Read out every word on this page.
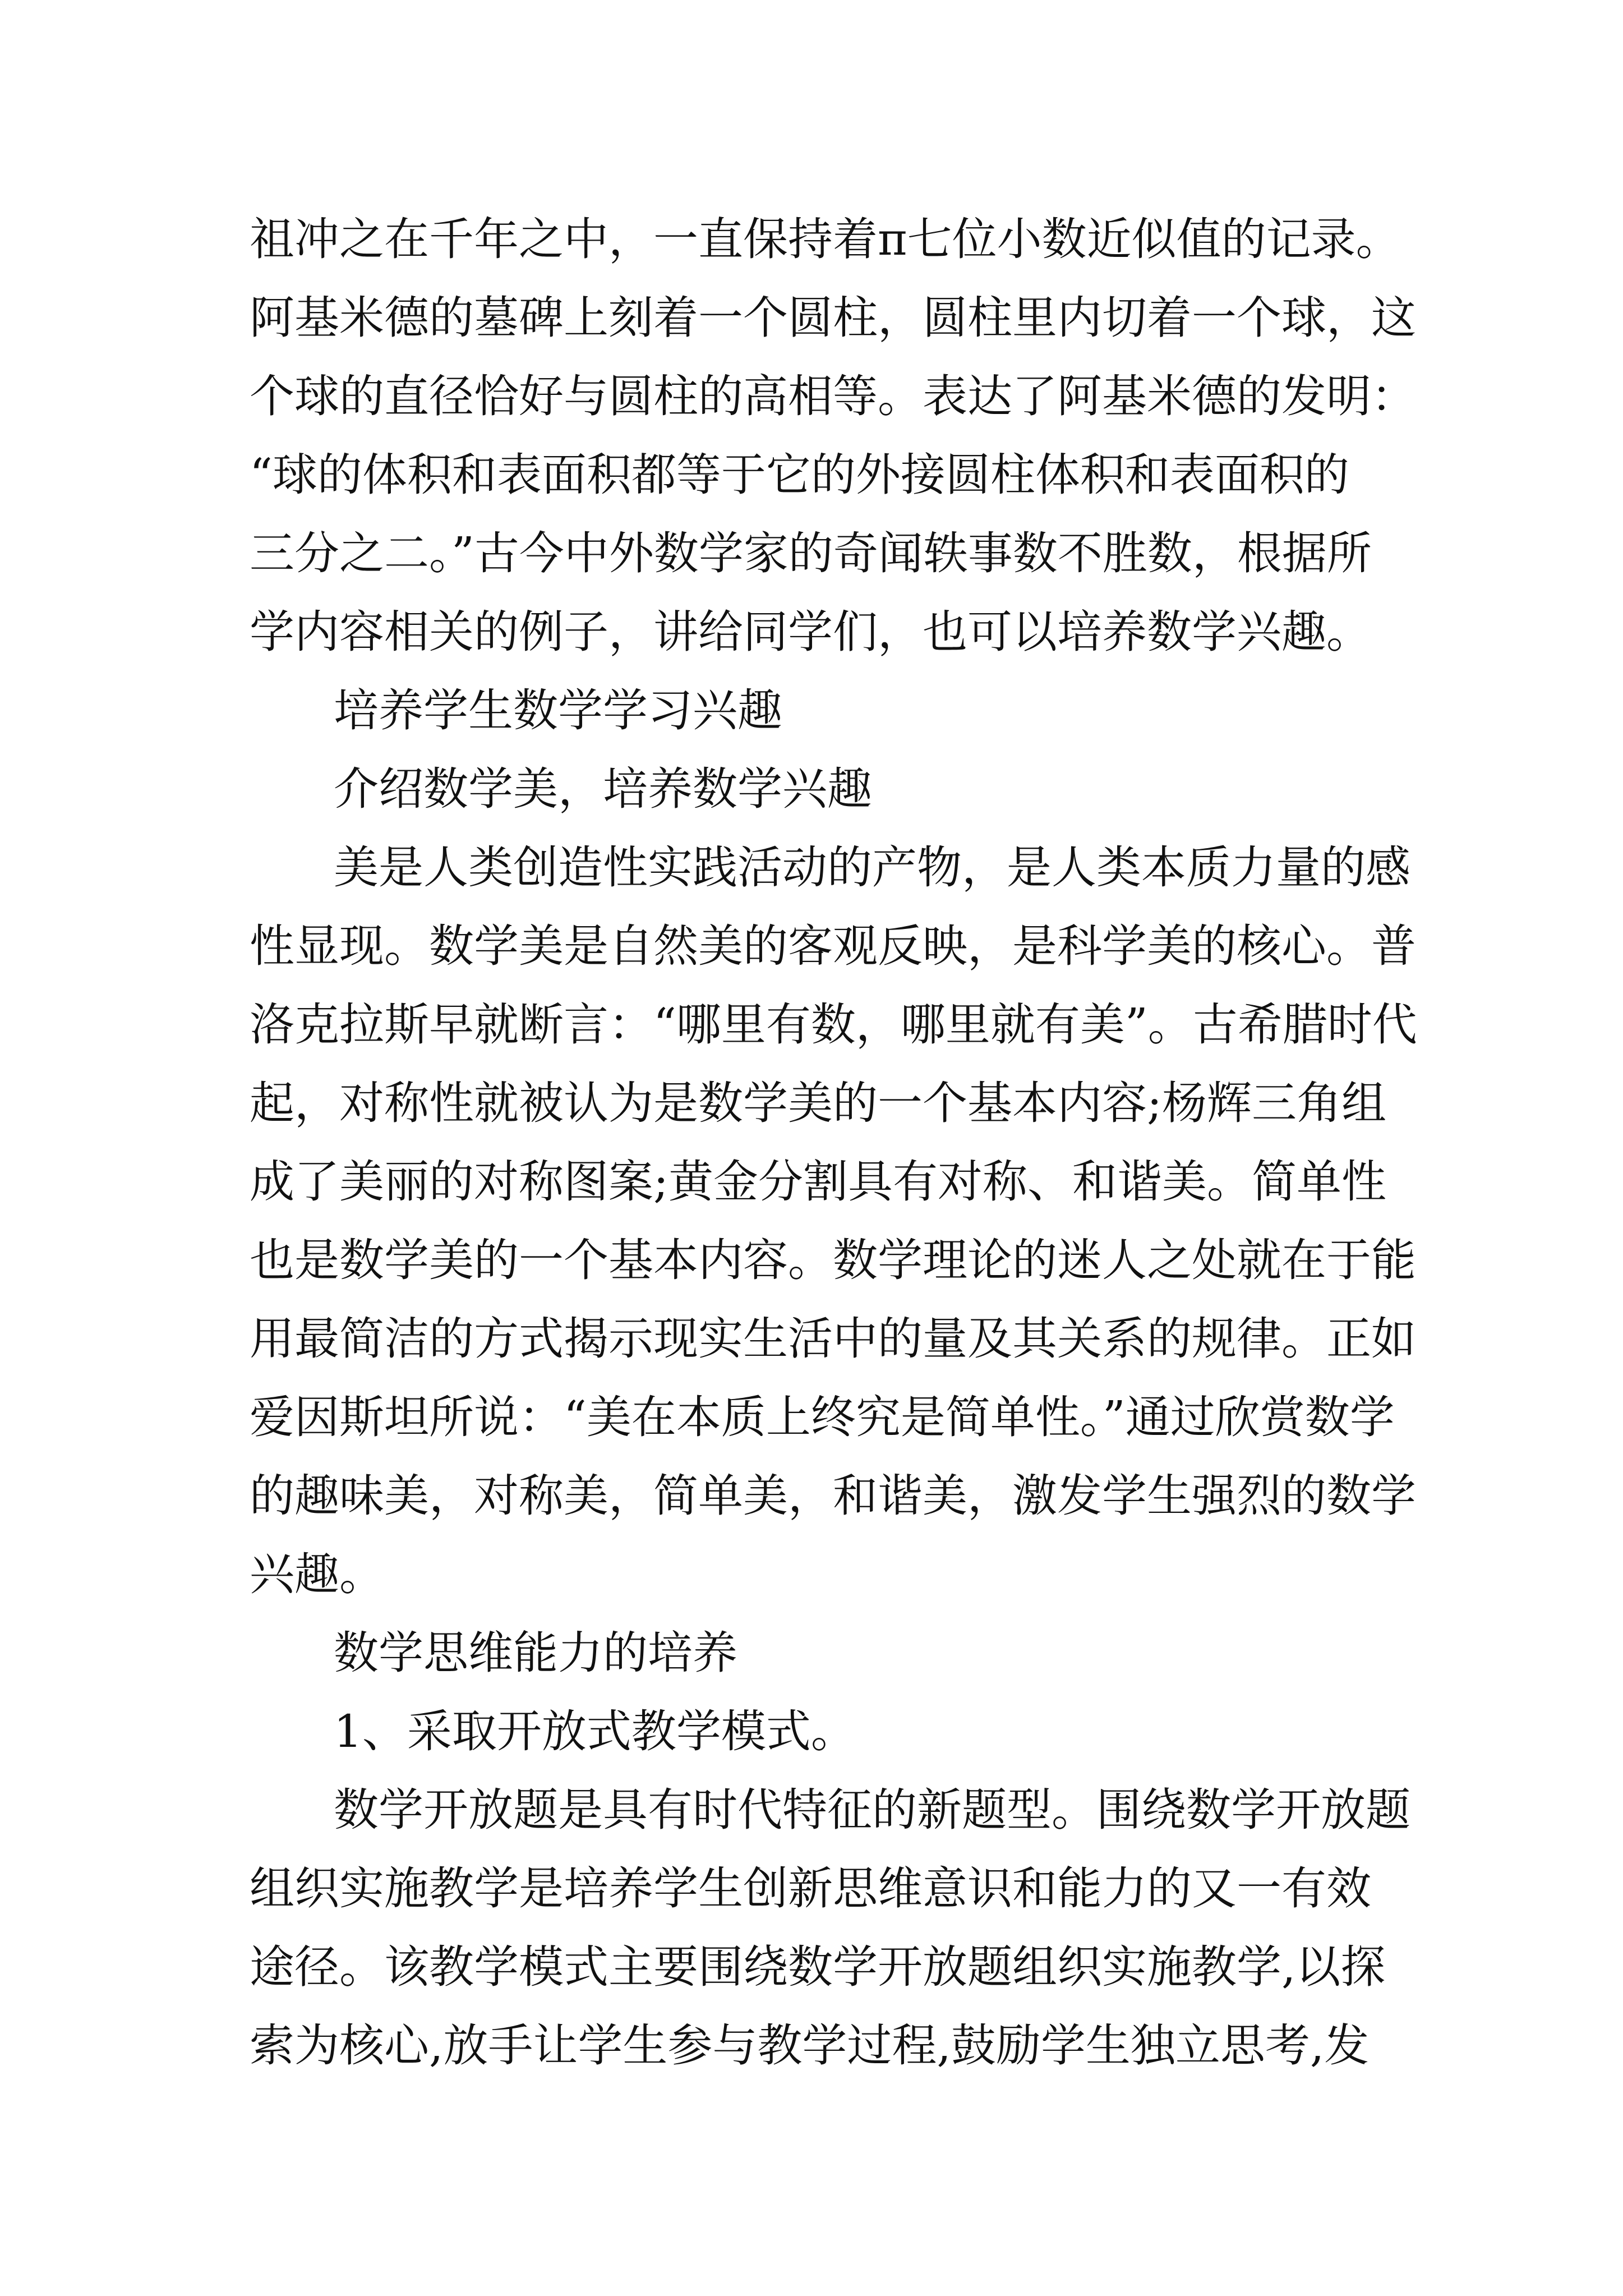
祖冲之在千年之中，一直保持着π七位小数近似值的记录。
阿基米德的墓碑上刻着一个圆柱，圆柱里内切着一个球，这
个球的直径恰好与圆柱的高相等。表达了阿基米德的发明：
“球的体积和表面积都等于它的外接圆柱体积和表面积的
三分之二。”古今中外数学家的奇闻轶事数不胜数，根据所
学内容相关的例子，讲给同学们，也可以培养数学兴趣。
培养学生数学学习兴趣
介绍数学美，培养数学兴趣
美是人类创造性实践活动的产物，是人类本质力量的感
性显现。数学美是自然美的客观反映，是科学美的核心。普
洛克拉斯早就断言：“哪里有数，哪里就有美”。古希腊时代
起，对称性就被认为是数学美的一个基本内容;杨辉三角组
成了美丽的对称图案;黄金分割具有对称、和谐美。简单性
也是数学美的一个基本内容。数学理论的迷人之处就在于能
用最简洁的方式揭示现实生活中的量及其关系的规律。正如
爱因斯坦所说：“美在本质上终究是简单性。”通过欣赏数学
的趣味美，对称美，简单美，和谐美，激发学生强烈的数学
兴趣。
数学思维能力的培养
1、采取开放式教学模式。
数学开放题是具有时代特征的新题型。围绕数学开放题
组织实施教学是培养学生创新思维意识和能力的又一有效
途径。该教学模式主要围绕数学开放题组织实施教学,以探
索为核心,放手让学生参与教学过程,鼓励学生独立思考,发
